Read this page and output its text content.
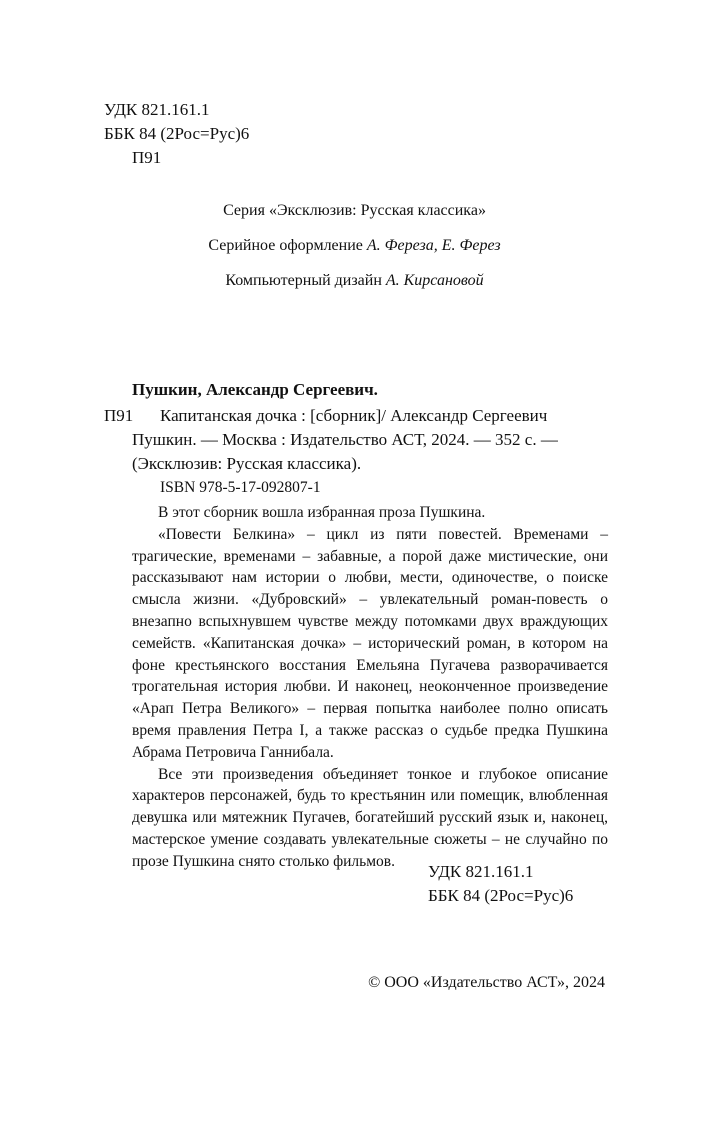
УДК 821.161.1
ББК 84 (2Рос=Рус)6
П91
Серия «Эксклюзив: Русская классика»
Серийное оформление А. Фереза, Е. Ферез
Компьютерный дизайн А. Кирсановой
Пушкин, Александр Сергеевич.
П91 Капитанская дочка : [сборник]/ Александр Сергеевич
Пушкин. — Москва : Издательство АСТ, 2024. — 352 с. —
(Эксклюзив: Русская классика).
ISBN 978-5-17-092807-1

В этот сборник вошла избранная проза Пушкина.

«Повести Белкина» – цикл из пяти повестей. Временами – трагические, временами – забавные, а порой даже мистические, они рассказывают нам истории о любви, мести, одиночестве, о поиске смысла жизни. «Дубровский» – увлекательный роман-повесть о внезапно вспыхнувшем чувстве между потомками двух враждующих семейств. «Капитанская дочка» – исторический роман, в котором на фоне крестьянского восстания Емельяна Пугачева разворачивается трогательная история любви. И наконец, неоконченное произведение «Арап Петра Великого» – первая попытка наиболее полно описать время правления Петра I, а также рассказ о судьбе предка Пушкина Абрама Петровича Ганнибала.

Все эти произведения объединяет тонкое и глубокое описание характеров персонажей, будь то крестьянин или помещик, влюбленная девушка или мятежник Пугачев, богатейший русский язык и, наконец, мастерское умение создавать увлекательные сюжеты – не случайно по прозе Пушкина снято столько фильмов.

УДК 821.161.1
ББК 84 (2Рос=Рус)6
© ООО «Издательство АСТ», 2024
